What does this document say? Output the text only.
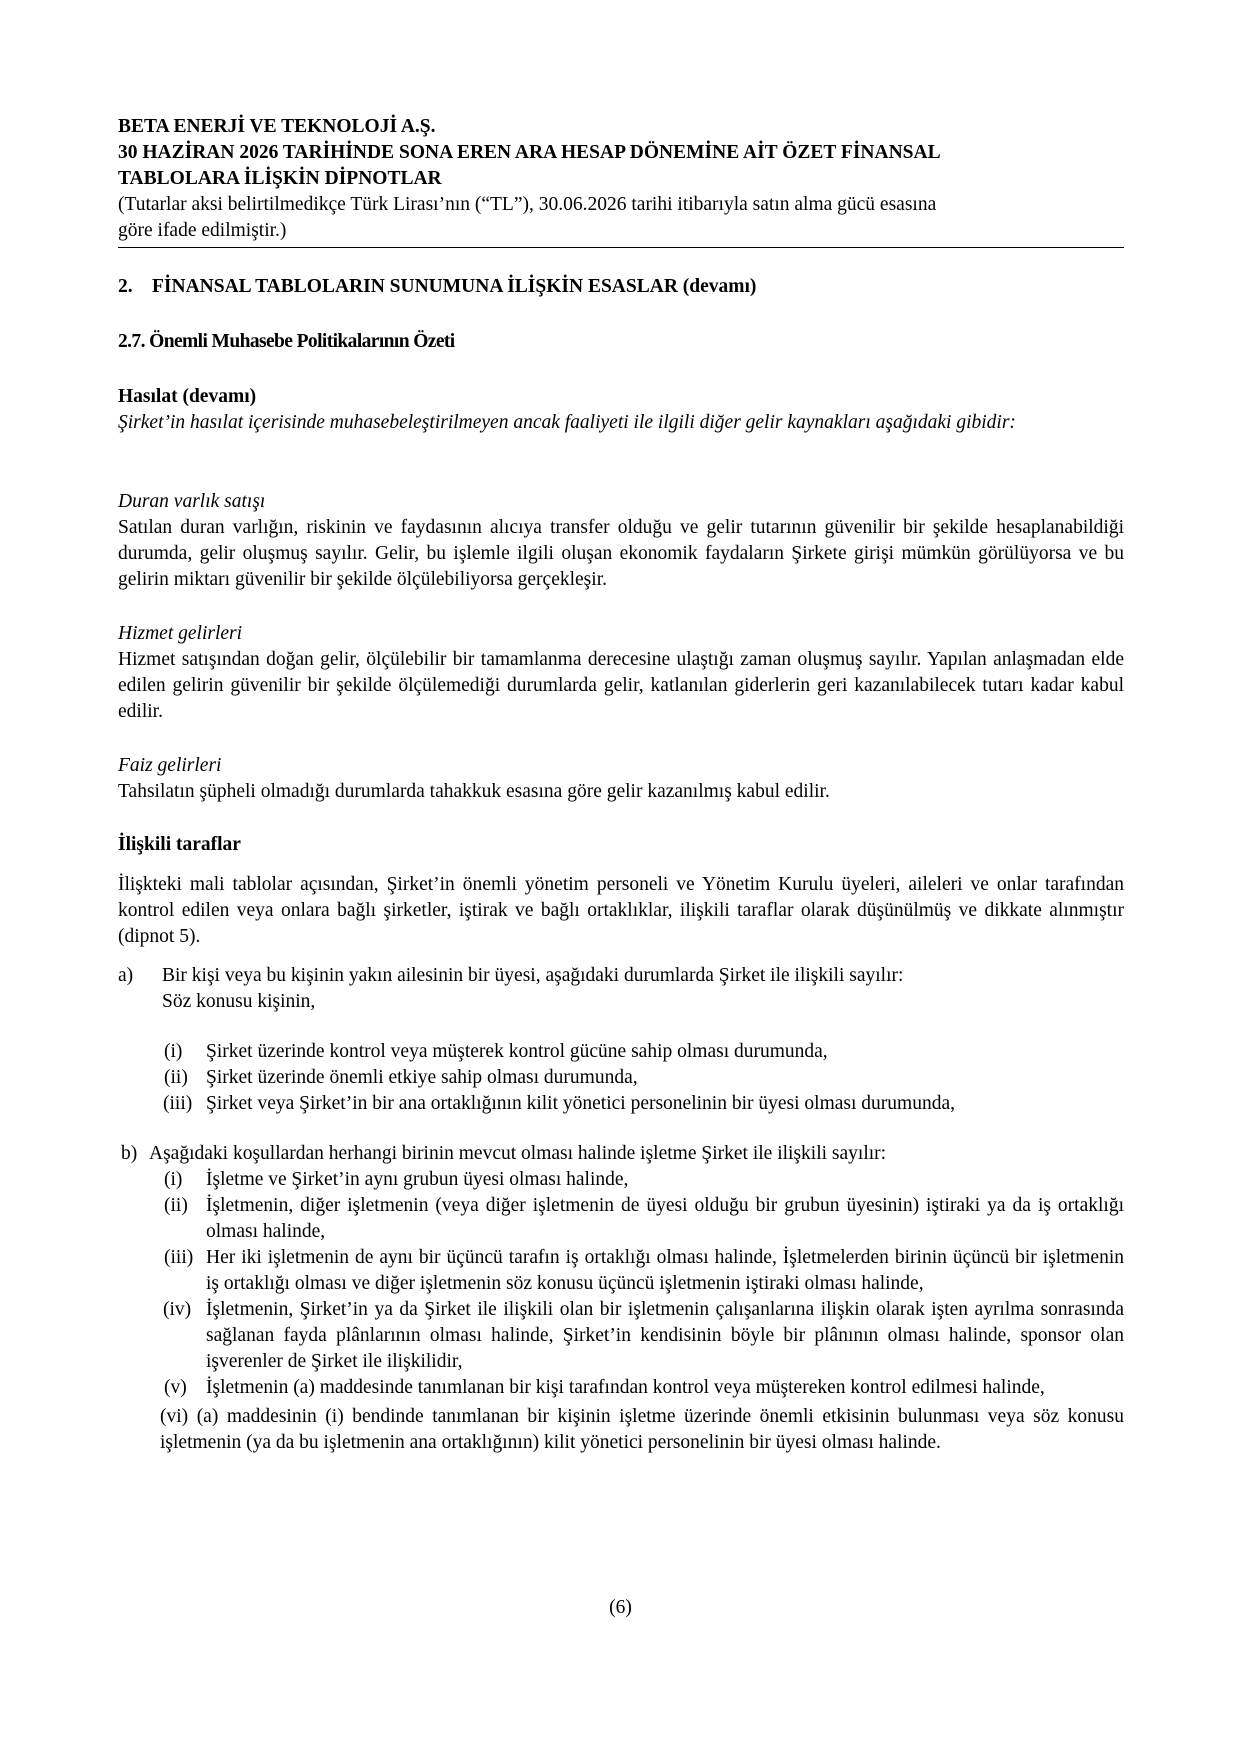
BETA ENERJİ VE TEKNOLOJİ A.Ş.
30 HAZİRAN 2026 TARİHİNDE SONA EREN ARA HESAP DÖNEMİNE AİT ÖZET FİNANSAL
TABLOLARA İLİŞKİN DİPNOTLAR
(Tutarlar aksi belirtilmedikçe Türk Lirası’nın (“TL”), 30.06.2026 tarihi itibarıyla satın alma gücü esasına
göre ifade edilmiştir.)
2. FİNANSAL TABLOLARIN SUNUMUNA İLİŞKİN ESASLAR (devamı)
2.7. Önemli Muhasebe Politikalarının Özeti
Hasılat (devamı)
Şirket’in hasılat içerisinde muhasebeleştirilmeyen ancak faaliyeti ile ilgili diğer gelir kaynakları aşağıdaki gibidir:
Duran varlık satışı
Satılan duran varlığın, riskinin ve faydasının alıcıya transfer olduğu ve gelir tutarının güvenilir bir şekilde hesaplanabildiği durumda, gelir oluşmuş sayılır. Gelir, bu işlemle ilgili oluşan ekonomik faydaların Şirkete girişi mümkün görülüyorsa ve bu gelirin miktarı güvenilir bir şekilde ölçülebiliyorsa gerçekleşir.
Hizmet gelirleri
Hizmet satışından doğan gelir, ölçülebilir bir tamamlanma derecesine ulaştığı zaman oluşmuş sayılır. Yapılan anlaşmadan elde edilen gelirin güvenilir bir şekilde ölçülemediği durumlarda gelir, katlanılan giderlerin geri kazanılabilecek tutarı kadar kabul edilir.
Faiz gelirleri
Tahsilatın şüpheli olmadığı durumlarda tahakkuk esasına göre gelir kazanılmış kabul edilir.
İlişkili taraflar
İlişkteki mali tablolar açısından, Şirket’in önemli yönetim personeli ve Yönetim Kurulu üyeleri, aileleri ve onlar tarafından kontrol edilen veya onlara bağlı şirketler, iştirak ve bağlı ortaklıklar, ilişkili taraflar olarak düşünülmüş ve dikkate alınmıştır (dipnot 5).
a) Bir kişi veya bu kişinin yakın ailesinin bir üyesi, aşağıdaki durumlarda Şirket ile ilişkili sayılır:
Söz konusu kişinin,
(i) Şirket üzerinde kontrol veya müşterek kontrol gücüne sahip olması durumunda,
(ii) Şirket üzerinde önemli etkiye sahip olması durumunda,
(iii) Şirket veya Şirket’in bir ana ortaklığının kilit yönetici personelinin bir üyesi olması durumunda,
b) Aşağıdaki koşullardan herhangi birinin mevcut olması halinde işletme Şirket ile ilişkili sayılır:
(i) İşletme ve Şirket’in aynı grubun üyesi olması halinde,
(ii) İşletmenin, diğer işletmenin (veya diğer işletmenin de üyesi olduğu bir grubun üyesinin) iştiraki ya da iş ortaklığı olması halinde,
(iii) Her iki işletmenin de aynı bir üçüncü tarafın iş ortaklığı olması halinde, İşletmelerden birinin üçüncü bir işletmenin iş ortaklığı olması ve diğer işletmenin söz konusu üçüncü işletmenin iştiraki olması halinde,
(iv) İşletmenin, Şirket’in ya da Şirket ile ilişkili olan bir işletmenin çalışanlarına ilişkin olarak işten ayrılma sonrasında sağlanan fayda plânlarının olması halinde, Şirket’in kendisinin böyle bir plânının olması halinde, sponsor olan işverenler de Şirket ile ilişkilidir,
(v) İşletmenin (a) maddesinde tanımlanan bir kişi tarafından kontrol veya müştereken kontrol edilmesi halinde,
(vi) (a) maddesinin (i) bendinde tanımlanan bir kişinin işletme üzerinde önemli etkisinin bulunması veya söz konusu işletmenin (ya da bu işletmenin ana ortaklığının) kilit yönetici personelinin bir üyesi olması halinde.
(6)
